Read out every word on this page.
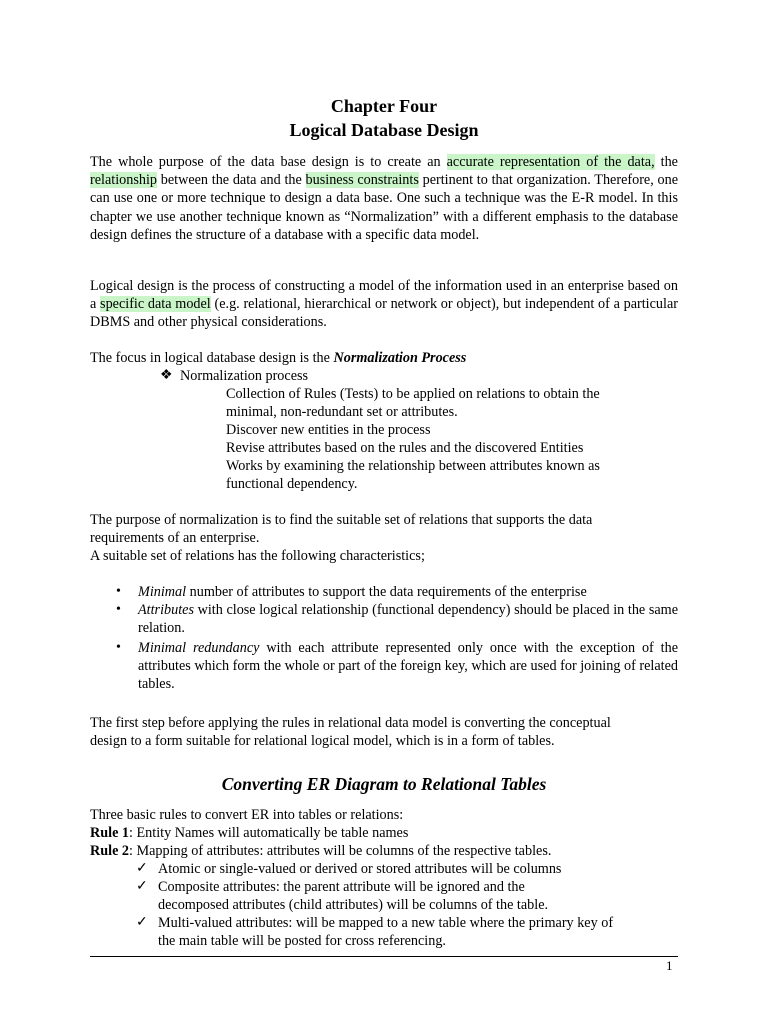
Chapter Four
Logical Database Design

The whole purpose of the data base design is to create an accurate representation of the data, the relationship between the data and the business constraints pertinent to that organization. Therefore, one can use one or more technique to design a data base. One such a technique was the E-R model. In this chapter we use another technique known as “Normalization” with a different emphasis to the database design defines the structure of a database with a specific data model.

Logical design is the process of constructing a model of the information used in an enterprise based on a specific data model (e.g. relational, hierarchical or network or object), but independent of a particular DBMS and other physical considerations.

The focus in logical database design is the Normalization Process
❖ Normalization process
Collection of Rules (Tests) to be applied on relations to obtain the
minimal, non-redundant set or attributes.
Discover new entities in the process
Revise attributes based on the rules and the discovered Entities
Works by examining the relationship between attributes known as
functional dependency.
The purpose of normalization is to find the suitable set of relations that supports the data
requirements of an enterprise.
A suitable set of relations has the following characteristics;
• Minimal number of attributes to support the data requirements of the enterprise

• Attributes with close logical relationship (functional dependency) should be placed in the same relation.

• Minimal redundancy with each attribute represented only once with the exception of the attributes which form the whole or part of the foreign key, which are used for joining of related tables.

The first step before applying the rules in relational data model is converting the conceptual
design to a form suitable for relational logical model, which is in a form of tables.
Converting ER Diagram to Relational Tables
Three basic rules to convert ER into tables or relations:
Rule 1: Entity Names will automatically be table names
Rule 2: Mapping of attributes: attributes will be columns of the respective tables.
✓ Atomic or single-valued or derived or stored attributes will be columns
✓ Composite attributes: the parent attribute will be ignored and the
decomposed attributes (child attributes) will be columns of the table.
✓ Multi-valued attributes: will be mapped to a new table where the primary key of
the main table will be posted for cross referencing.
1
